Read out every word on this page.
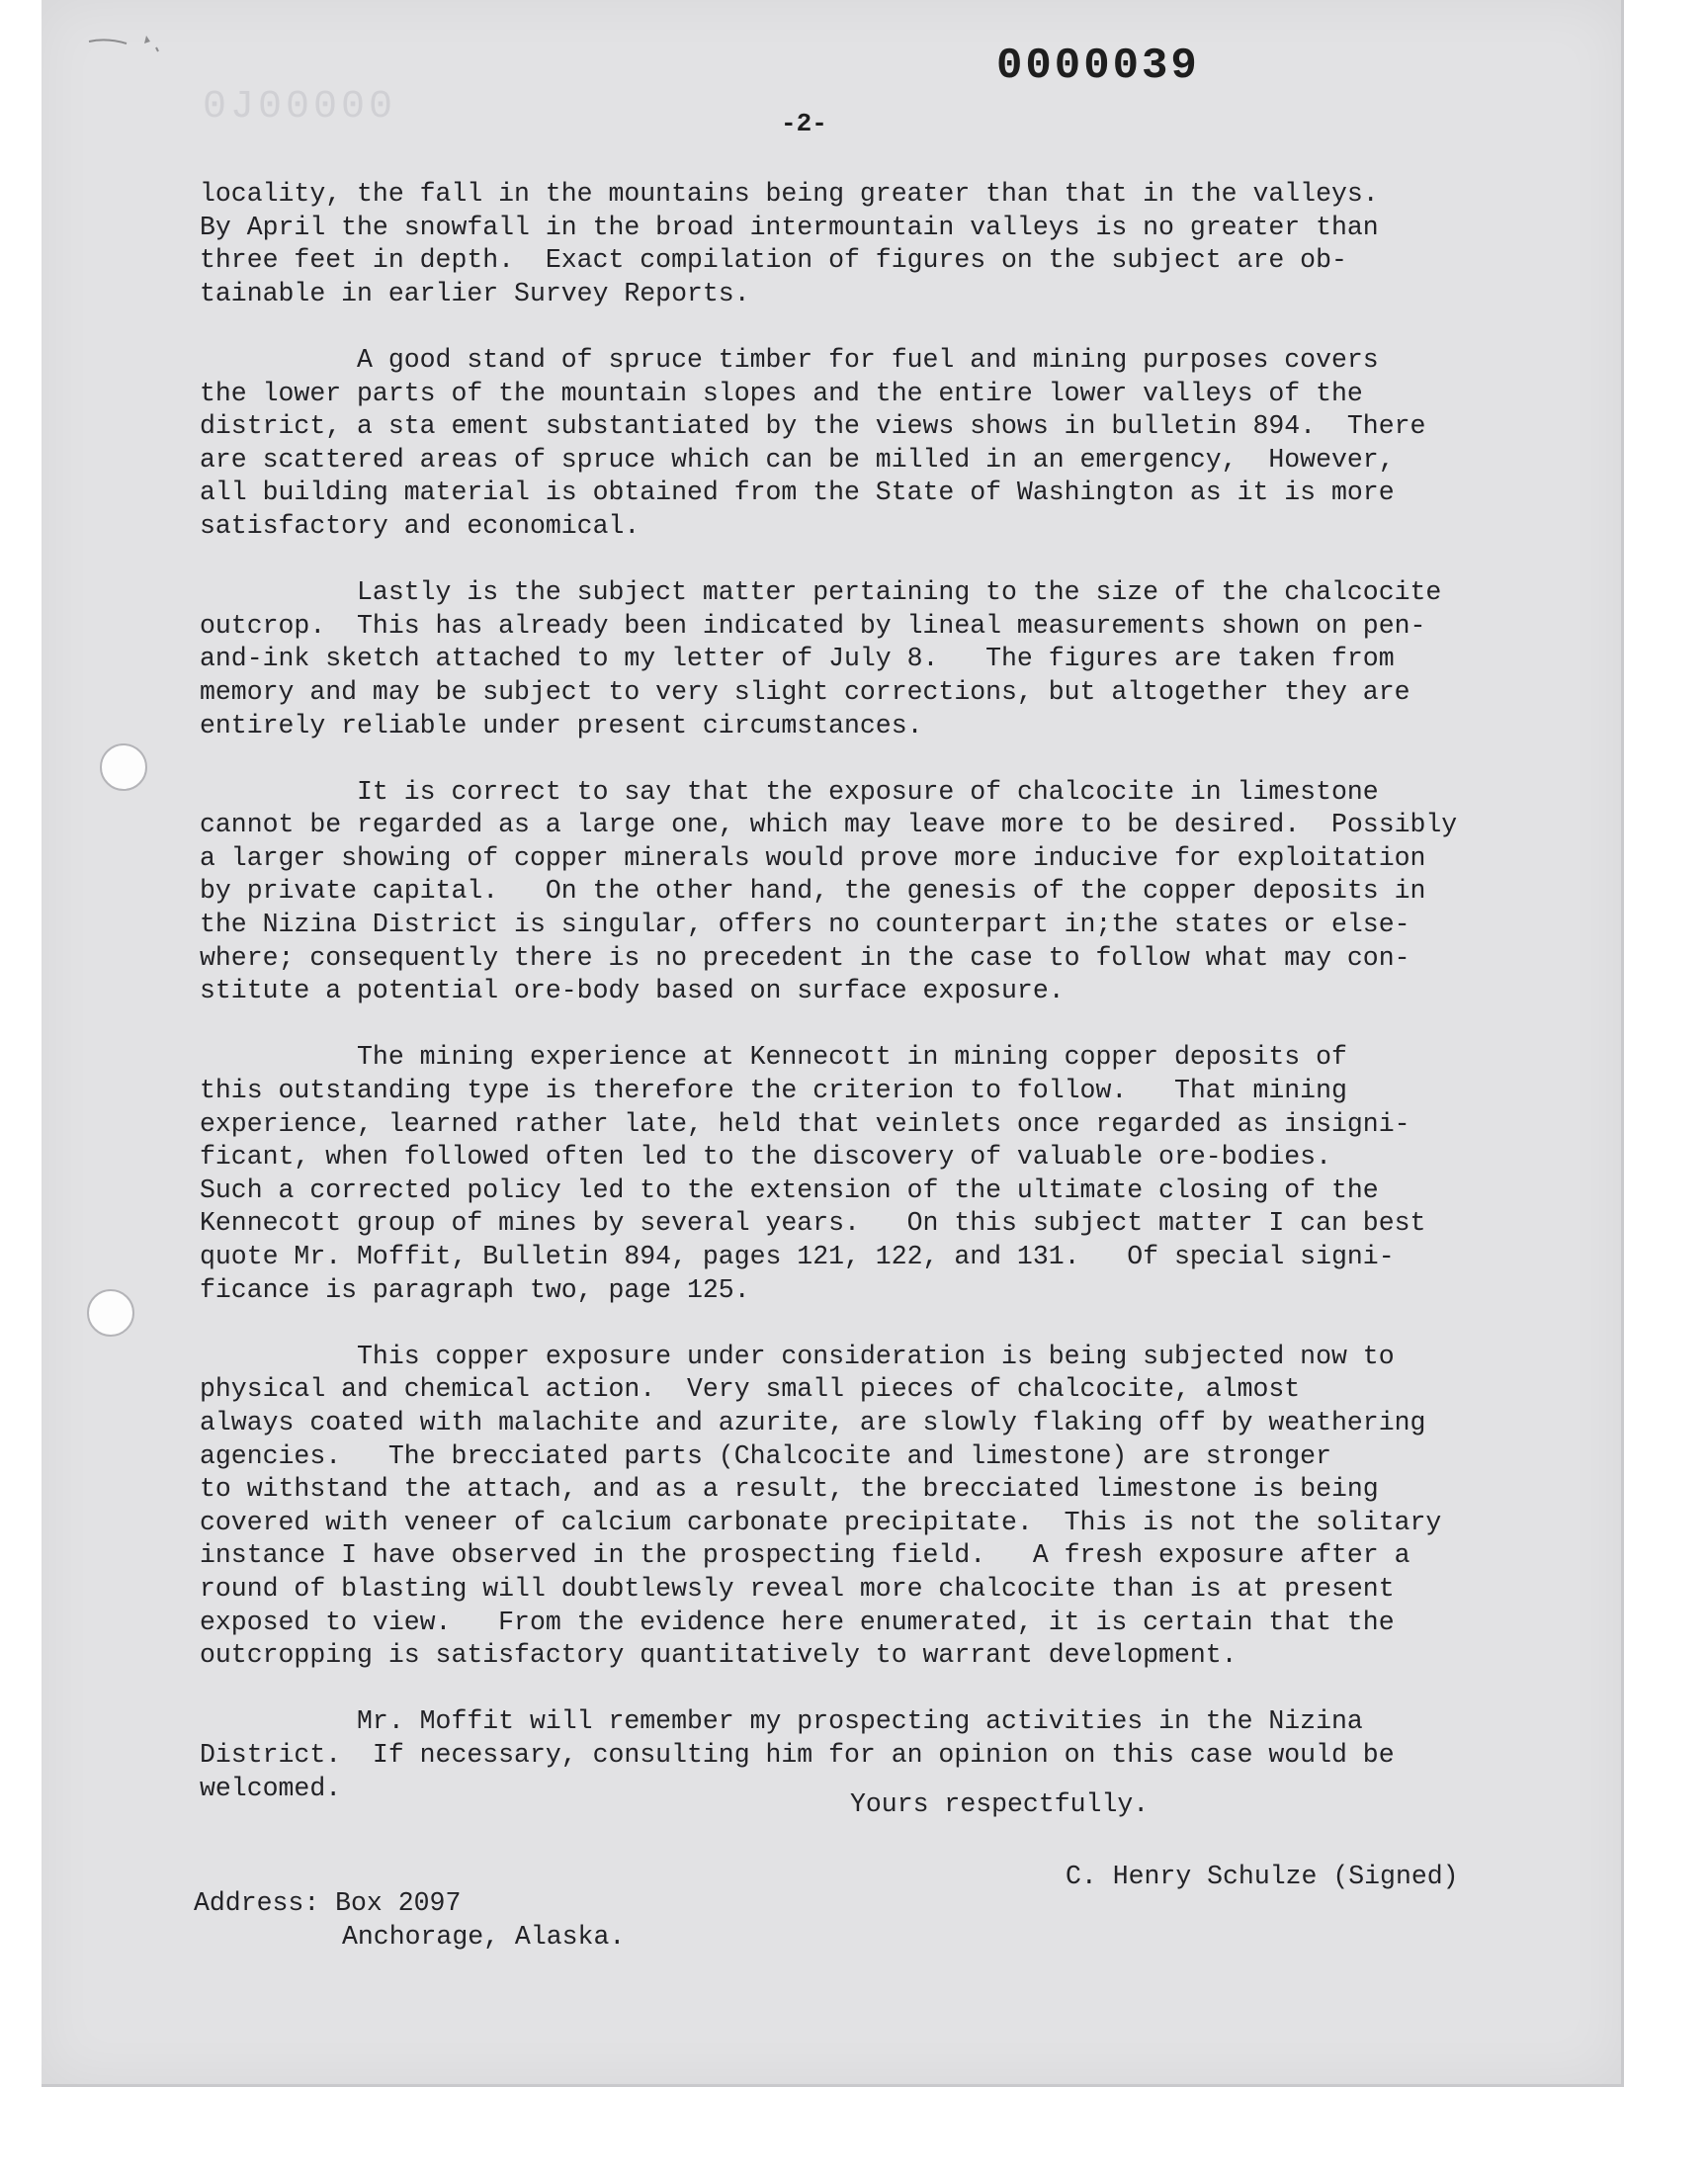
0J00000
0000039
-2-

locality, the fall in the mountains being greater than that in the valleys.

By April the snowfall in the broad intermountain valleys is no greater than

three feet in depth.  Exact compilation of figures on the subject are ob-

tainable in earlier Survey Reports.

A good stand of spruce timber for fuel and mining purposes covers

the lower parts of the mountain slopes and the entire lower valleys of the

district, a sta ement substantiated by the views shows in bulletin 894.  There

are scattered areas of spruce which can be milled in an emergency,  However,

all building material is obtained from the State of Washington as it is more

satisfactory and economical.

Lastly is the subject matter pertaining to the size of the chalcocite

outcrop.  This has already been indicated by lineal measurements shown on pen-

and-ink sketch attached to my letter of July 8.   The figures are taken from

memory and may be subject to very slight corrections, but altogether they are

entirely reliable under present circumstances.

It is correct to say that the exposure of chalcocite in limestone

cannot be regarded as a large one, which may leave more to be desired.  Possibly

a larger showing of copper minerals would prove more inducive for exploitation

by private capital.   On the other hand, the genesis of the copper deposits in

the Nizina District is singular, offers no counterpart in;the states or else-

where; consequently there is no precedent in the case to follow what may con-

stitute a potential ore-body based on surface exposure.

The mining experience at Kennecott in mining copper deposits of

this outstanding type is therefore the criterion to follow.   That mining

experience, learned rather late, held that veinlets once regarded as insigni-

ficant, when followed often led to the discovery of valuable ore-bodies.

Such a corrected policy led to the extension of the ultimate closing of the

Kennecott group of mines by several years.   On this subject matter I can best

quote Mr. Moffit, Bulletin 894, pages 121, 122, and 131.   Of special signi-

ficance is paragraph two, page 125.

This copper exposure under consideration is being subjected now to

physical and chemical action.  Very small pieces of chalcocite, almost

always coated with malachite and azurite, are slowly flaking off by weathering

agencies.   The brecciated parts (Chalcocite and limestone) are stronger

to withstand the attach, and as a result, the brecciated limestone is being

covered with veneer of calcium carbonate precipitate.  This is not the solitary

instance I have observed in the prospecting field.   A fresh exposure after a

round of blasting will doubtlewsly reveal more chalcocite than is at present

exposed to view.   From the evidence here enumerated, it is certain that the

outcropping is satisfactory quantitatively to warrant development.

Mr. Moffit will remember my prospecting activities in the Nizina

District.  If necessary, consulting him for an opinion on this case would be

welcomed.

Yours respectfully.
C. Henry Schulze (Signed)
Address: Box 2097
Anchorage, Alaska.
